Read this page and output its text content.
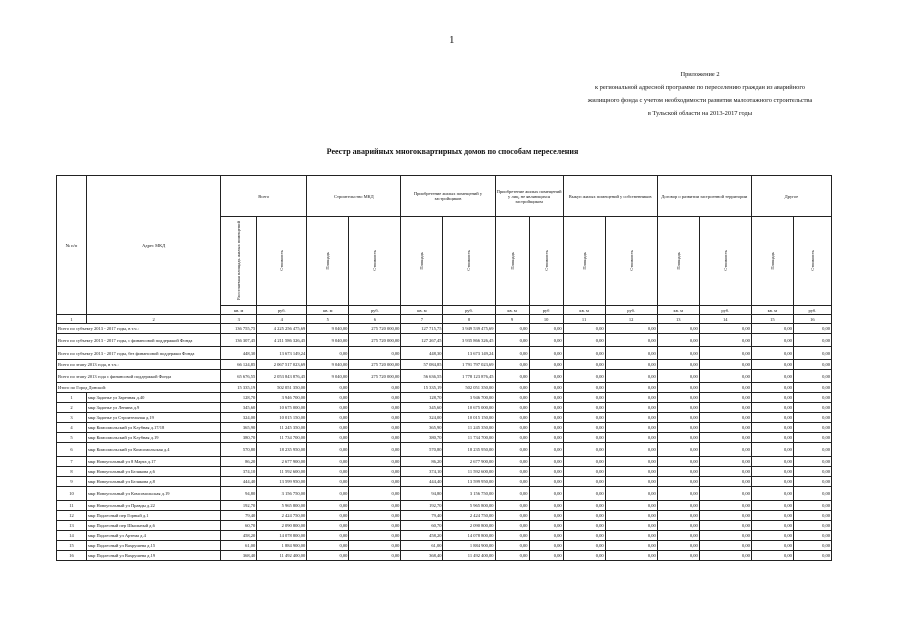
1
Приложение 2
к региональной адресной программе по переселению граждан из аварийного
жилищного фонда с учетом необходимости развития малоэтажного строительства
в Тульской области на 2013-2017 годы
Реестр аварийных многоквартирных домов по способам переселения
№ п/п	Адрес МКД	Всего		Строительство МКД		Приобретение жилых помещений у застройщиков		Приобретение жилых помещений у лиц, не являющихся застройщиком		Выкуп жилых помещений у собственников		Договор о развитии застроенной территории		Другое	
		Расселяемая площадь жилых помещений	Стоимость	Площадь	Стоимость	Площадь	Стоимость	Площадь	Стоимость	Площадь	Стоимость	Площадь	Стоимость	Площадь	Стоимость
		кв. м	руб.	кв. м	руб.	кв. м	руб.	кв. м	руб	кв. м	руб.	кв. м	руб.	кв. м	руб.
1	2	3	4	5	6	7	8	9	10	11	12	13	14	15	16
Всего по субъекту 2013 - 2017 годы, в т.ч.:		136 755,75	4 225 256 475,69	9 040,00	275 720 000,00	127 715,75	3 949 539 475,69	0,00	0,00	0,00	0,00	0,00	0,00	0,00	0,00
Всего по субъекту 2013 - 2017 годы, с финансовой поддержкой Фонда		136 307,45	4 211 586 326,45	9 040,00	275 720 000,00	127 267,45	3 935 866 326,45	0,00	0,00	0,00	0,00	0,00	0,00	0,00	0,00
Всего по субъекту 2013 - 2017 годы, без финансовой поддержки Фонда		448,30	13 673 149,24	0,00	0,00	448,30	13 673 149,24	0,00	0,00	0,00	0,00	0,00	0,00	0,00	0,00
Всего по этапу 2013 года, в т.ч.:		66 124,85	2 067 517 023,69	9 040,00	275 720 000,00	57 084,85	1 791 797 023,69	0,00	0,00	0,00	0,00	0,00	0,00	0,00	0,00
Всего по этапу 2013 года с финансовой поддержкой Фонда		65 676,55	2 053 843 876,45	9 040,00	275 720 000,00	56 636,55	1 778 123 876,45	0,00	0,00	0,00	0,00	0,00	0,00	0,00	0,00
Итого по Город Донской:		15 335,19	502 051 350,00	0,00	0,00	15 335,19	502 051 350,00	0,00	0,00	0,00	0,00	0,00	0,00	0,00	0,00
1	мкр Задонье ул Заречная д.40	128,70	3 946 700,00	0,00	0,00	128,70	3 946 700,00	0,00	0,00	0,00	0,00	0,00	0,00	0,00	0,00
2	мкр Задонье ул Ленина д.9	345,60	10 675 000,00	0,00	0,00	345,60	10 675 000,00	0,00	0,00	0,00	0,00	0,00	0,00	0,00	0,00
3	мкр Задонье ул Строительная д.19	324,00	10 015 150,00	0,00	0,00	324,00	10 015 150,00	0,00	0,00	0,00	0,00	0,00	0,00	0,00	0,00
4	мкр Комсомольский ул Клубная д.17/18	365,90	11 245 350,00	0,00	0,00	365,90	11 245 350,00	0,00	0,00	0,00	0,00	0,00	0,00	0,00	0,00
5	мкр Комсомольский ул Клубная д.19	380,70	11 734 700,00	0,00	0,00	380,70	11 734 700,00	0,00	0,00	0,00	0,00	0,00	0,00	0,00	0,00
6	мкр Комсомольский ул Комсомольская д.4	570,80	18 235 950,00	0,00	0,00	570,80	18 235 950,00	0,00	0,00	0,00	0,00	0,00	0,00	0,00	0,00
7	мкр Новоугольный ул 8 Марта д.17	86,20	2 677 900,00	0,00	0,00	86,20	2 677 900,00	0,00	0,00	0,00	0,00	0,00	0,00	0,00	0,00
8	мкр Новоугольный ул Белякова д.6	374,10	11 592 600,00	0,00	0,00	374,10	11 592 600,00	0,00	0,00	0,00	0,00	0,00	0,00	0,00	0,00
9	мкр Новоугольный ул Белякова д.8	444,40	13 599 950,00	0,00	0,00	444,40	13 599 950,00	0,00	0,00	0,00	0,00	0,00	0,00	0,00	0,00
10	мкр Новоугольный ул Комсомольская д.19	94,80	3 156 750,00	0,00	0,00	94,80	3 156 750,00	0,00	0,00	0,00	0,00	0,00	0,00	0,00	0,00
11	мкр Новоугольный ул Правды д.22	192,70	5 965 800,00	0,00	0,00	192,70	5 965 800,00	0,00	0,00	0,00	0,00	0,00	0,00	0,00	0,00
12	мкр Подлесный пер Горный д.1	79,40	2 424 750,00	0,00	0,00	79,40	2 424 750,00	0,00	0,00	0,00	0,00	0,00	0,00	0,00	0,00
13	мкр Подлесный пер Школьный д.6	60,70	2 090 800,00	0,00	0,00	60,70	2 090 800,00	0,00	0,00	0,00	0,00	0,00	0,00	0,00	0,00
14	мкр Подлесный ул Артема д.4	458,20	14 078 800,00	0,00	0,00	458,20	14 078 800,00	0,00	0,00	0,00	0,00	0,00	0,00	0,00	0,00
15	мкр Подлесный ул Вахрушева д.15	61,00	1 884 900,00	0,00	0,00	61,00	1 884 900,00	0,00	0,00	0,00	0,00	0,00	0,00	0,00	0,00
16	мкр Подлесный ул Вахрушева д.19	368,40	11 492 400,00	0,00	0,00	368,40	11 492 400,00	0,00	0,00	0,00	0,00	0,00	0,00	0,00	0,00
